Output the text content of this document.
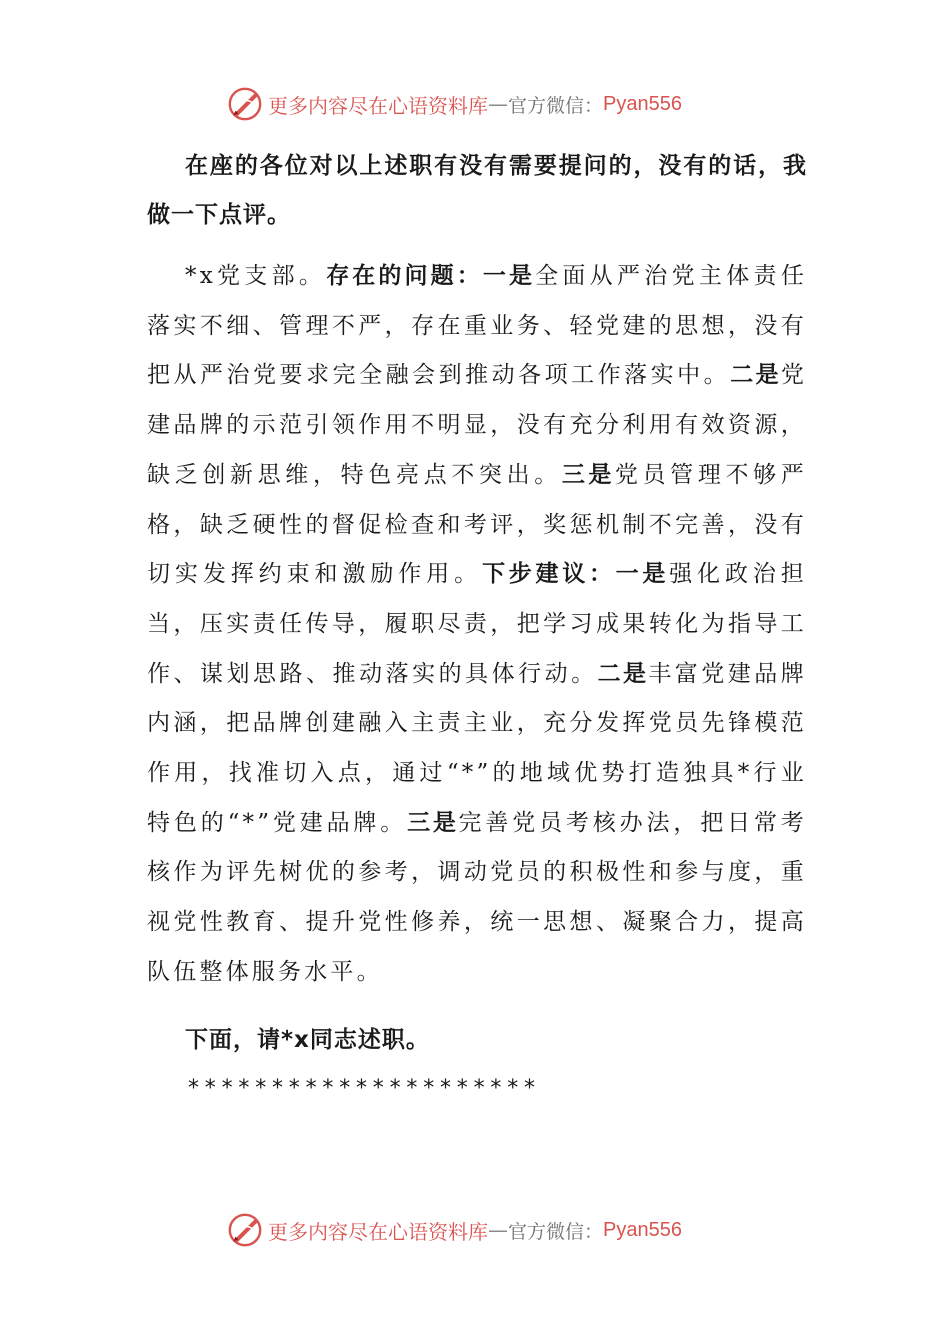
更多内容尽在心语资料库 — 官方微信： Pyan556

在座的各位对以上述职有没有需要提问的，没有的话，我做一下点评。

*x党支部。存在的问题：一是全面从严治党主体责任落实不细、管理不严，存在重业务、轻党建的思想，没有把从严治党要求完全融会到推动各项工作落实中。二是党建品牌的示范引领作用不明显，没有充分利用有效资源，缺乏创新思维，特色亮点不突出。三是党员管理不够严格，缺乏硬性的督促检查和考评，奖惩机制不完善，没有切实发挥约束和激励作用。下步建议：一是强化政治担当，压实责任传导，履职尽责，把学习成果转化为指导工作、谋划思路、推动落实的具体行动。二是丰富党建品牌内涵，把品牌创建融入主责主业，充分发挥党员先锋模范作用，找准切入点，通过“*”的地域优势打造独具*行业特色的“*”党建品牌。三是完善党员考核办法，把日常考核作为评先树优的参考，调动党员的积极性和参与度，重视党性教育、提升党性修养，统一思想、凝聚合力，提高队伍整体服务水平。

下面，请*x同志述职。

*********************
更多内容尽在心语资料库 — 官方微信： Pyan556
